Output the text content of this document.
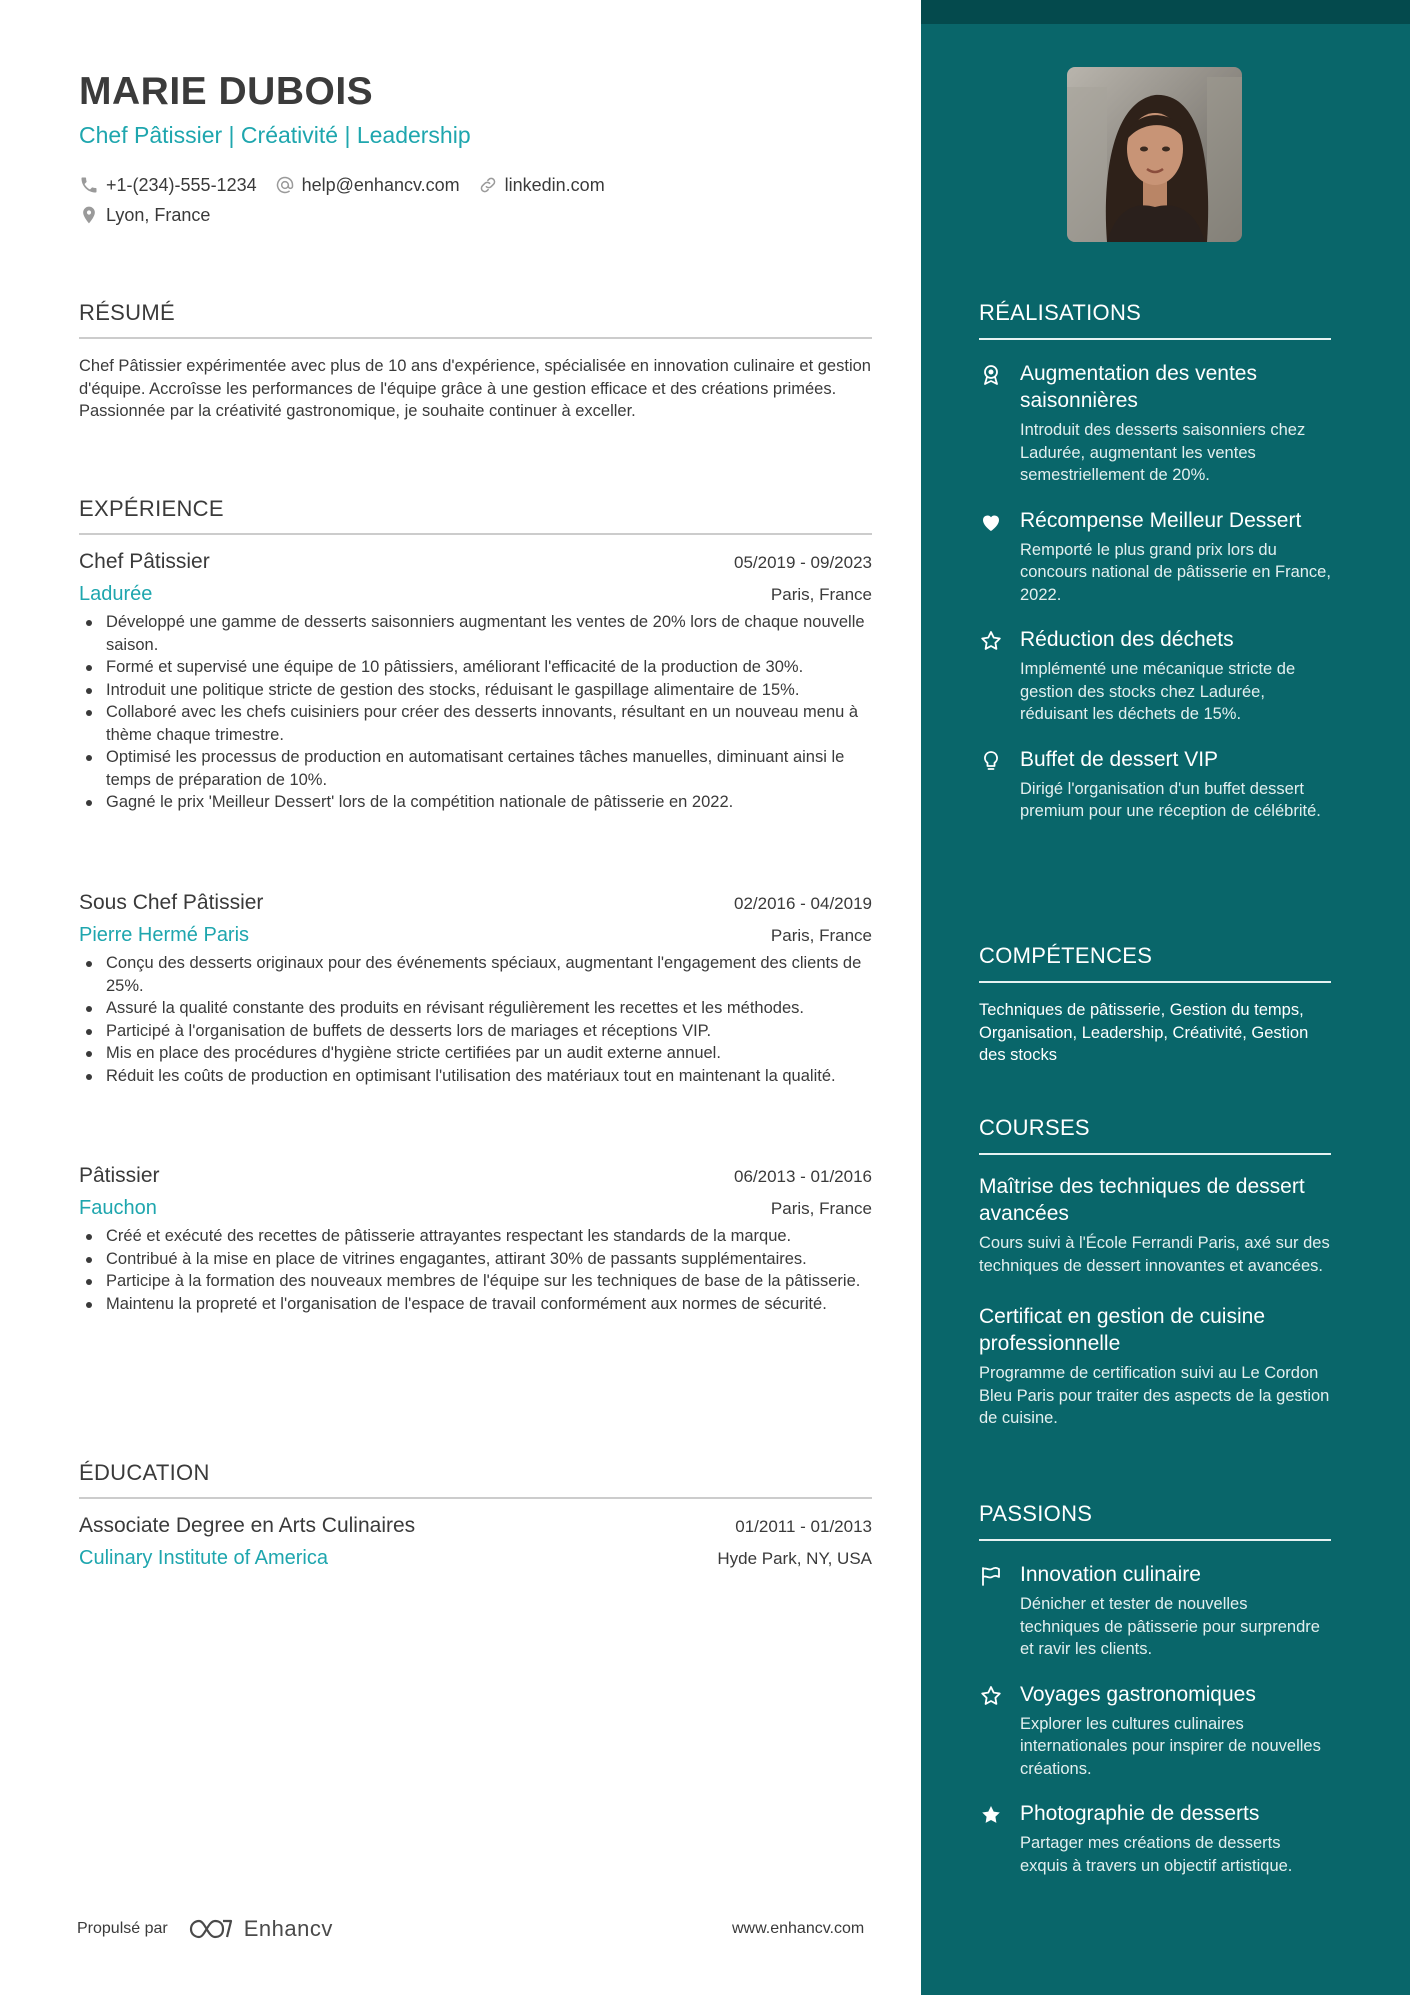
MARIE DUBOIS
Chef Pâtissier | Créativité | Leadership
+1-(234)-555-1234	help@enhancv.com	linkedin.com
Lyon, France
RÉSUMÉ
Chef Pâtissier expérimentée avec plus de 10 ans d'expérience, spécialisée en innovation culinaire et gestion d'équipe. Accroîsse les performances de l'équipe grâce à une gestion efficace et des créations primées. Passionnée par la créativité gastronomique, je souhaite continuer à exceller.
EXPÉRIENCE
Chef Pâtissier	05/2019 - 09/2023
Ladurée	Paris, France
Développé une gamme de desserts saisonniers augmentant les ventes de 20% lors de chaque nouvelle saison.
Formé et supervisé une équipe de 10 pâtissiers, améliorant l'efficacité de la production de 30%.
Introduit une politique stricte de gestion des stocks, réduisant le gaspillage alimentaire de 15%.
Collaboré avec les chefs cuisiniers pour créer des desserts innovants, résultant en un nouveau menu à thème chaque trimestre.
Optimisé les processus de production en automatisant certaines tâches manuelles, diminuant ainsi le temps de préparation de 10%.
Gagné le prix 'Meilleur Dessert' lors de la compétition nationale de pâtisserie en 2022.
Sous Chef Pâtissier	02/2016 - 04/2019
Pierre Hermé Paris	Paris, France
Conçu des desserts originaux pour des événements spéciaux, augmentant l'engagement des clients de 25%.
Assuré la qualité constante des produits en révisant régulièrement les recettes et les méthodes.
Participé à l'organisation de buffets de desserts lors de mariages et réceptions VIP.
Mis en place des procédures d'hygiène stricte certifiées par un audit externe annuel.
Réduit les coûts de production en optimisant l'utilisation des matériaux tout en maintenant la qualité.
Pâtissier	06/2013 - 01/2016
Fauchon	Paris, France
Créé et exécuté des recettes de pâtisserie attrayantes respectant les standards de la marque.
Contribué à la mise en place de vitrines engagantes, attirant 30% de passants supplémentaires.
Participe à la formation des nouveaux membres de l'équipe sur les techniques de base de la pâtisserie.
Maintenu la propreté et l'organisation de l'espace de travail conformément aux normes de sécurité.
ÉDUCATION
Associate Degree en Arts Culinaires	01/2011 - 01/2013
Culinary Institute of America	Hyde Park, NY, USA
Propulsé par	Enhancv	www.enhancv.com
RÉALISATIONS
Augmentation des ventes saisonnières
Introduit des desserts saisonniers chez Ladurée, augmentant les ventes semestriellement de 20%.
Récompense Meilleur Dessert
Remporté le plus grand prix lors du concours national de pâtisserie en France, 2022.
Réduction des déchets
Implémenté une mécanique stricte de gestion des stocks chez Ladurée, réduisant les déchets de 15%.
Buffet de dessert VIP
Dirigé l'organisation d'un buffet dessert premium pour une réception de célébrité.
COMPÉTENCES
Techniques de pâtisserie, Gestion du temps, Organisation, Leadership, Créativité, Gestion des stocks
COURSES
Maîtrise des techniques de dessert avancées
Cours suivi à l'École Ferrandi Paris, axé sur des techniques de dessert innovantes et avancées.
Certificat en gestion de cuisine professionnelle
Programme de certification suivi au Le Cordon Bleu Paris pour traiter des aspects de la gestion de cuisine.
PASSIONS
Innovation culinaire
Dénicher et tester de nouvelles techniques de pâtisserie pour surprendre et ravir les clients.
Voyages gastronomiques
Explorer les cultures culinaires internationales pour inspirer de nouvelles créations.
Photographie de desserts
Partager mes créations de desserts exquis à travers un objectif artistique.
